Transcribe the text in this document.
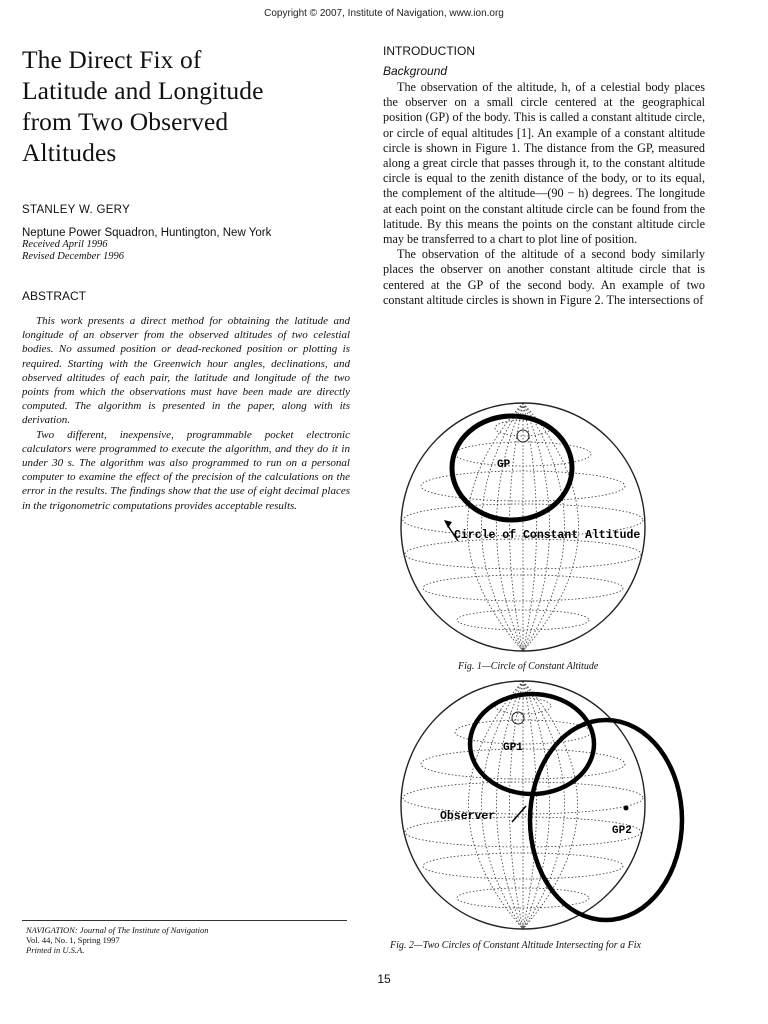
Copyright © 2007, Institute of Navigation, www.ion.org
The Direct Fix of
Latitude and Longitude
from Two Observed
Altitudes
STANLEY W. GERY
Neptune Power Squadron, Huntington, New York
Received April 1996
Revised December 1996
ABSTRACT

This work presents a direct method for obtaining the latitude and longitude of an observer from the observed altitudes of two celestial bodies. No assumed position or dead-reckoned position or plotting is required. Starting with the Greenwich hour angles, declinations, and observed altitudes of each pair, the latitude and longitude of the two points from which the observations must have been made are directly computed. The algorithm is presented in the paper, along with its derivation.

Two different, inexpensive, programmable pocket electronic calculators were programmed to execute the algorithm, and they do it in under 30 s. The algorithm was also programmed to run on a personal computer to examine the effect of the precision of the calculations on the error in the results. The findings show that the use of eight decimal places in the trigonometric computations provides acceptable results.

INTRODUCTION
Background

The observation of the altitude, h, of a celestial body places the observer on a small circle centered at the geographical position (GP) of the body. This is called a constant altitude circle, or circle of equal altitudes [1]. An example of a constant altitude circle is shown in Figure 1. The distance from the GP, measured along a great circle that passes through it, to the constant altitude circle is equal to the zenith distance of the body, or to its equal, the complement of the altitude—(90 − h) degrees. The longitude at each point on the constant altitude circle can be found from the latitude. By this means the points on the constant altitude circle may be transferred to a chart to plot line of position.

The observation of the altitude of a second body similarly places the observer on another constant altitude circle that is centered at the GP of the second body. An example of two constant altitude circles is shown in Figure 2. The intersections of

GP
Circle of Constant Altitude
Fig. 1—Circle of Constant Altitude
GP1
GP2
Observer
Fig. 2—Two Circles of Constant Altitude Intersecting for a Fix
NAVIGATION: Journal of The Institute of Navigation
Vol. 44, No. 1, Spring 1997
Printed in U.S.A.
15
